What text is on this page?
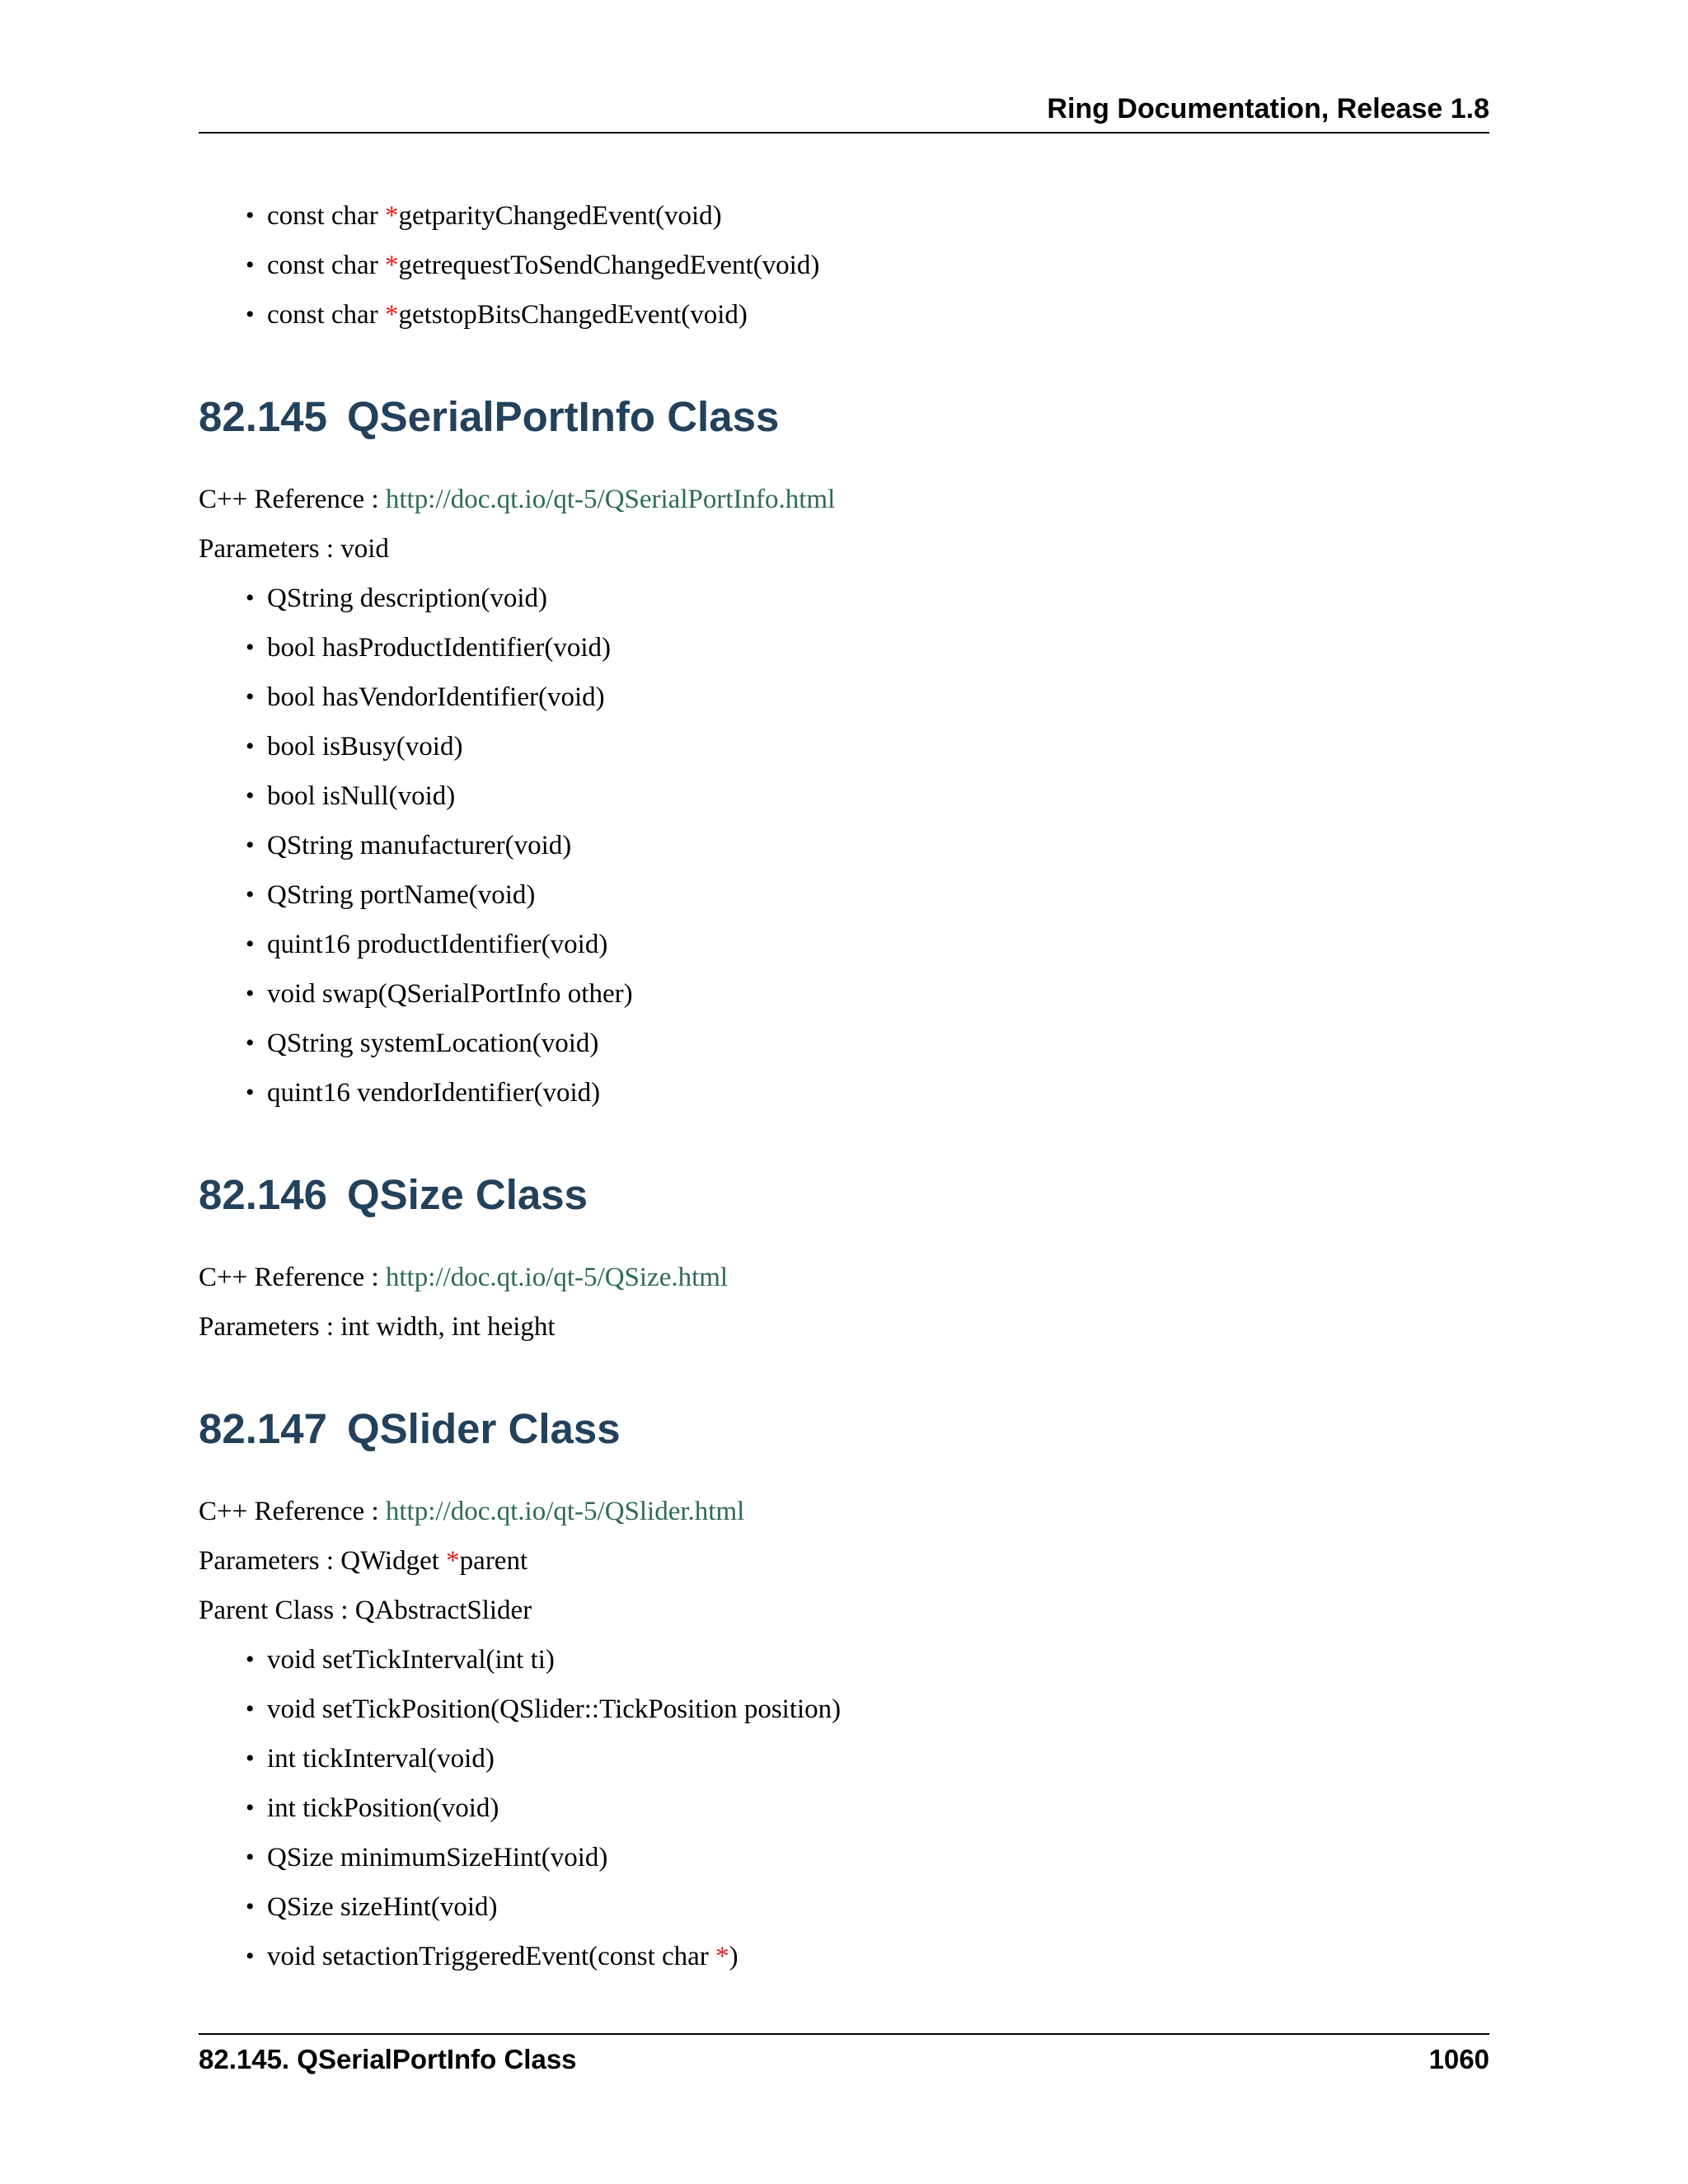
Ring Documentation, Release 1.8
• const char *getparityChangedEvent(void)
• const char *getrequestToSendChangedEvent(void)
• const char *getstopBitsChangedEvent(void)
82.145 QSerialPortInfo Class

C++ Reference : http://doc.qt.io/qt-5/QSerialPortInfo.html

Parameters : void

• QString description(void)
• bool hasProductIdentifier(void)
• bool hasVendorIdentifier(void)
• bool isBusy(void)
• bool isNull(void)
• QString manufacturer(void)
• QString portName(void)
• quint16 productIdentifier(void)
• void swap(QSerialPortInfo other)
• QString systemLocation(void)
• quint16 vendorIdentifier(void)
82.146 QSize Class

C++ Reference : http://doc.qt.io/qt-5/QSize.html

Parameters : int width, int height

82.147 QSlider Class

C++ Reference : http://doc.qt.io/qt-5/QSlider.html

Parameters : QWidget *parent

Parent Class : QAbstractSlider

• void setTickInterval(int ti)
• void setTickPosition(QSlider::TickPosition position)
• int tickInterval(void)
• int tickPosition(void)
• QSize minimumSizeHint(void)
• QSize sizeHint(void)
• void setactionTriggeredEvent(const char *)
82.145. QSerialPortInfo Class	1060
